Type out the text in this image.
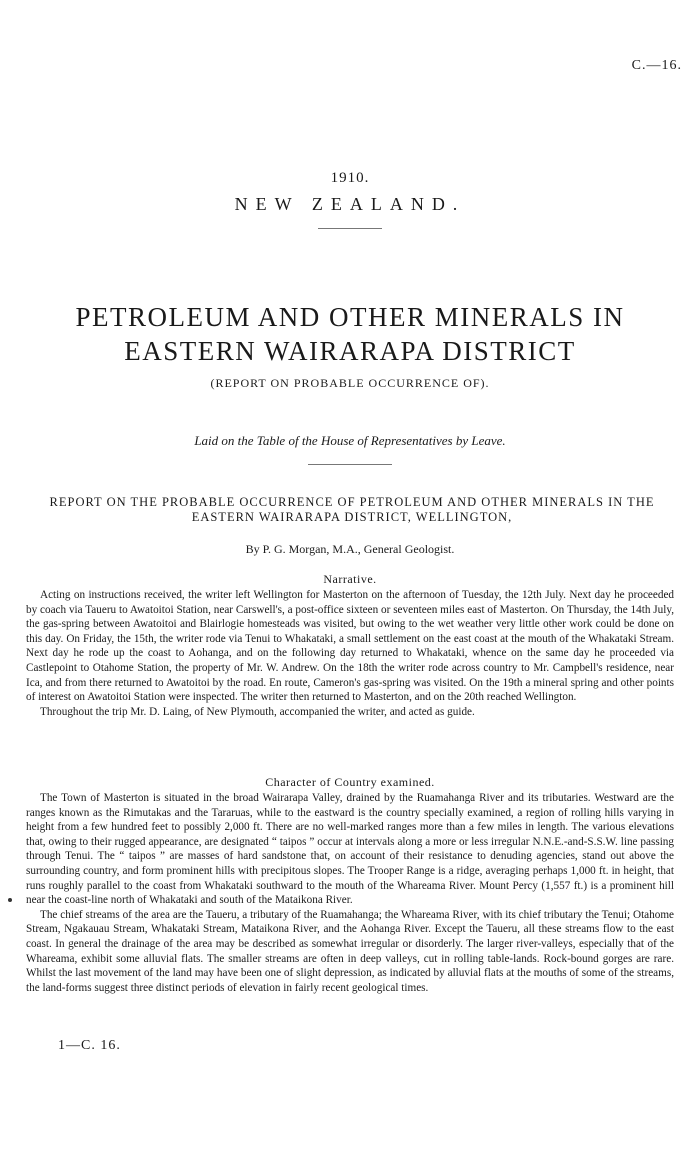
C.—16.
1910.
NEW ZEALAND.
PETROLEUM AND OTHER MINERALS IN EASTERN WAIRARAPA DISTRICT
(REPORT ON PROBABLE OCCURRENCE OF).
Laid on the Table of the House of Representatives by Leave.
REPORT ON THE PROBABLE OCCURRENCE OF PETROLEUM AND OTHER MINERALS IN THE EASTERN WAIRARAPA DISTRICT, WELLINGTON,
By P. G. Morgan, M.A., General Geologist.
Narrative.

Acting on instructions received, the writer left Wellington for Masterton on the afternoon of Tuesday, the 12th July. Next day he proceeded by coach via Taueru to Awatoitoi Station, near Carswell's, a post-office sixteen or seventeen miles east of Masterton. On Thursday, the 14th July, the gas-spring between Awatoitoi and Blairlogie homesteads was visited, but owing to the wet weather very little other work could be done on this day. On Friday, the 15th, the writer rode via Tenui to Whakataki, a small settlement on the east coast at the mouth of the Whakataki Stream. Next day he rode up the coast to Aohanga, and on the following day returned to Whakataki, whence on the same day he proceeded via Castlepoint to Otahome Station, the property of Mr. W. Andrew. On the 18th the writer rode across country to Mr. Campbell's residence, near Ica, and from there returned to Awatoitoi by the road. En route, Cameron's gas-spring was visited. On the 19th a mineral spring and other points of interest on Awatoitoi Station were inspected. The writer then returned to Masterton, and on the 20th reached Wellington.

Throughout the trip Mr. D. Laing, of New Plymouth, accompanied the writer, and acted as guide.

Character of Country examined.

The Town of Masterton is situated in the broad Wairarapa Valley, drained by the Ruamahanga River and its tributaries. Westward are the ranges known as the Rimutakas and the Tararuas, while to the eastward is the country specially examined, a region of rolling hills varying in height from a few hundred feet to possibly 2,000 ft. There are no well-marked ranges more than a few miles in length. The various elevations that, owing to their rugged appearance, are designated “ taipos ” occur at intervals along a more or less irregular N.N.E.-and-S.S.W. line passing through Tenui. The “ taipos ” are masses of hard sandstone that, on account of their resistance to denuding agencies, stand out above the surrounding country, and form prominent hills with precipitous slopes. The Trooper Range is a ridge, averaging perhaps 1,000 ft. in height, that runs roughly parallel to the coast from Whakataki southward to the mouth of the Whareama River. Mount Percy (1,557 ft.) is a prominent hill near the coast-line north of Whakataki and south of the Mataikona River.

The chief streams of the area are the Taueru, a tributary of the Ruamahanga; the Whareama River, with its chief tributary the Tenui; Otahome Stream, Ngakauau Stream, Whakataki Stream, Mataikona River, and the Aohanga River. Except the Taueru, all these streams flow to the east coast. In general the drainage of the area may be described as somewhat irregular or disorderly. The larger river-valleys, especially that of the Whareama, exhibit some alluvial flats. The smaller streams are often in deep valleys, cut in rolling table-lands. Rock-bound gorges are rare. Whilst the last movement of the land may have been one of slight depression, as indicated by alluvial flats at the mouths of some of the streams, the land-forms suggest three distinct periods of elevation in fairly recent geological times.

1—C. 16.
